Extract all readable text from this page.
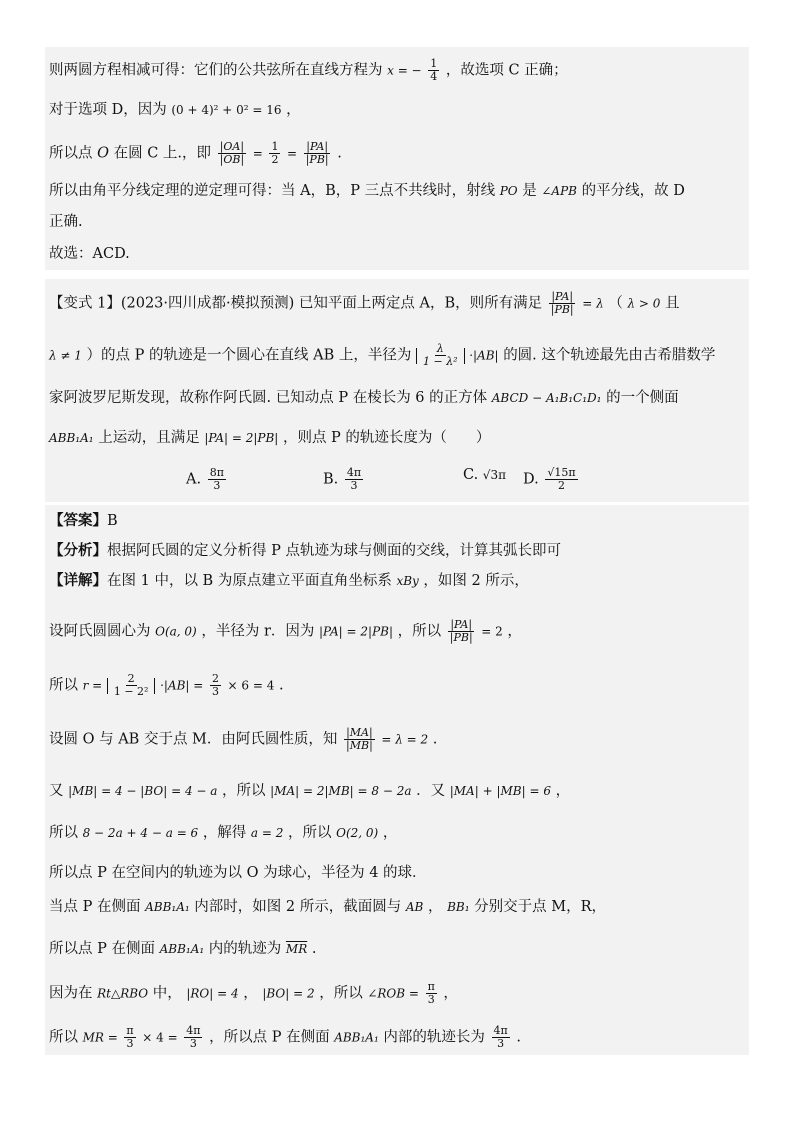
则两圆方程相减可得：它们的公共弦所在直线方程为 x = − $\frac{1}{4}$ ，故选项 C 正确；
对于选项 D，因为 (0 + 4)² + 0² = 16 ，
所以点 O 在圆 C 上.，即 $\frac{|OA|}{|OB|} = \frac{1}{2} = \frac{|PA|}{|PB|}$ .
所以由角平分线定理的逆定理可得：当 A，B，P 三点不共线时，射线 PO 是 ∠APB 的平分线，故 D
正确.
故选：ACD.
【变式 1】(2023·四川成都·模拟预测) 已知平面上两定点 A，B，则所有满足 $\frac{|PA|}{|PB|} = \lambda$ （ λ > 0 且
λ ≠ 1 ）的点 P 的轨迹是一个圆心在直线 AB 上，半径为 $\frac{\lambda}{\text{1 − λ²}} \cdot|AB|$ 的圆. 这个轨迹最先由古希腊数学
家阿波罗尼斯发现，故称作阿氏圆. 已知动点 P 在棱长为 6 的正方体 ABCD − A₁B₁C₁D₁ 的一个侧面
ABB₁A₁ 上运动，且满足 |PA| = 2|PB| ，则点 P 的轨迹长度为（　　）
A. $\frac{8\pi}{3}$	B. $\frac{4\pi}{3}$	C. √3π D. $\frac{√15\pi}{2}$
【答案】B
【分析】根据阿氏圆的定义分析得 P 点轨迹为球与侧面的交线，计算其弧长即可
【详解】在图 1 中，以 B 为原点建立平面直角坐标系 xBy ，如图 2 所示，
设阿氏圆圆心为 O(a, 0) ，半径为 r．因为 |PA| = 2|PB| ，所以 $\frac{|PA|}{|PB|} = 2$ ，
所以 $r = \frac{2}{\text{1 − 2²}} \cdot|AB| = \frac{2}{3} \times 6 = 4$ .
设圆 O 与 AB 交于点 M．由阿氏圆性质，知 $\frac{|MA|}{|MB|} = \lambda = 2$ .
又 |MB| = 4 − |BO| = 4 − a ，所以 |MA| = 2|MB| = 8 − 2a ．又 |MA| + |MB| = 6 ，
所以 8 − 2a + 4 − a = 6 ，解得 a = 2 ，所以 O(2, 0) ，
所以点 P 在空间内的轨迹为以 O 为球心，半径为 4 的球．
当点 P 在侧面 ABB₁A₁ 内部时，如图 2 所示，截面圆与 AB ， BB₁ 分别交于点 M，R，
所以点 P 在侧面 ABB₁A₁ 内的轨迹为 $\overline{MR}$ .
因为在 Rt△RBO 中， |RO| = 4 ， |BO| = 2 ，所以 ∠ROB = $\frac{\pi}{3}$ ，
所以 MR = $\frac{\pi}{3} \times 4 = \frac{4\pi}{3}$ ，所以点 P 在侧面 ABB₁A₁ 内部的轨迹长为 $\frac{4\pi}{3}$ .
